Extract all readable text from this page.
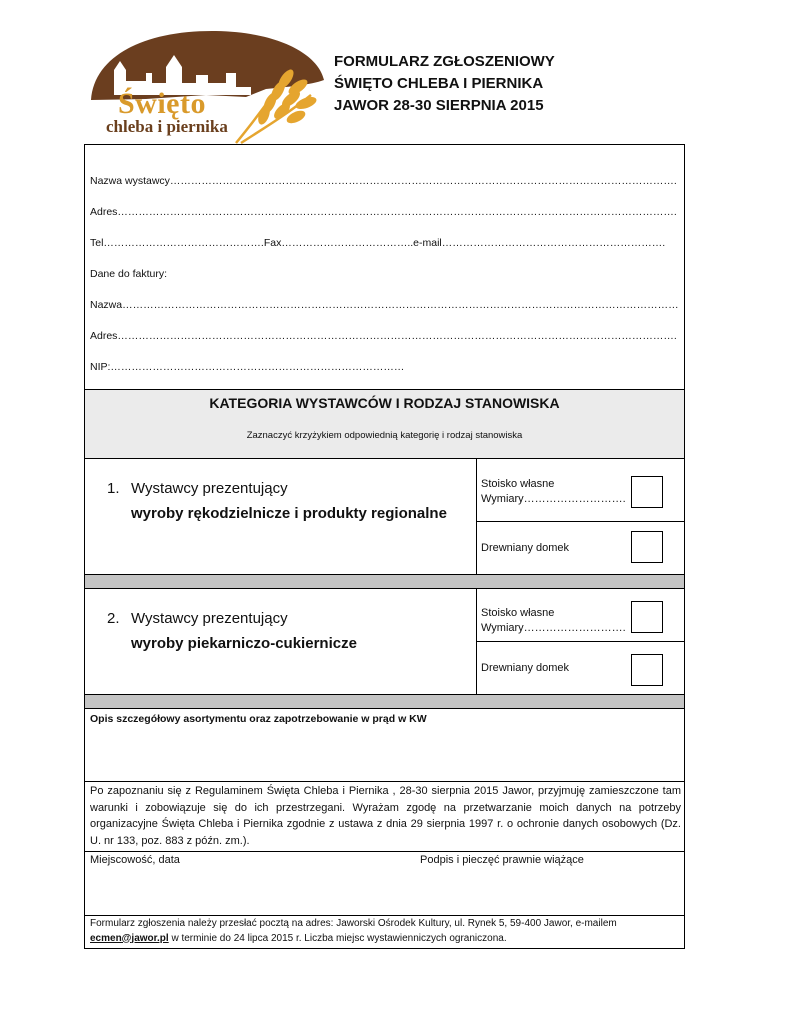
Święto
chleba i piernika
FORMULARZ ZGŁOSZENIOWY
ŚWIĘTO CHLEBA I PIERNIKA
JAWOR 28-30 SIERPNIA 2015
Nazwa wystawcy……………………………………………………………………………………………………………………………….
Adres…………………………………………………………………………………………………………………………………………….
Tel……………………………………….Fax………………………………..e-mail……………………………………………………….
Dane do faktury:
Nazwa……………………………………………………………………………………………………………………………………………
Adres…………………………………………………………………………………………………………………………………………….
NIP:…………………………………………………………………………
KATEGORIA WYSTAWCÓW I RODZAJ STANOWISKA
Zaznaczyć krzyżykiem odpowiednią kategorię i rodzaj stanowiska
1. Wystawcy prezentujący
wyroby rękodzielnicze i produkty regionalne
Stoisko własne
Wymiary……………………….
Drewniany domek
2. Wystawcy prezentujący
wyroby piekarniczo-cukiernicze
Stoisko własne
Wymiary……………………….
Drewniany domek
Opis szczegółowy asortymentu oraz zapotrzebowanie w prąd w KW
Po zapoznaniu się z Regulaminem Święta Chleba i Piernika , 28-30 sierpnia 2015 Jawor, przyjmuję zamieszczone tam warunki i zobowiązuje się do ich przestrzegani. Wyrażam zgodę na przetwarzanie moich danych na potrzeby organizacyjne Święta Chleba i Piernika zgodnie z ustawa z dnia 29 sierpnia 1997 r. o ochronie danych osobowych (Dz. U. nr 133, poz. 883 z późn. zm.).
Miejscowość, data	Podpis i pieczęć prawnie wiążące
Formularz zgłoszenia należy przesłać pocztą na adres: Jaworski Ośrodek Kultury, ul. Rynek 5, 59-400 Jawor, e-mailem
ecmen@jawor.pl w terminie do 24 lipca 2015 r. Liczba miejsc wystawienniczych ograniczona.
